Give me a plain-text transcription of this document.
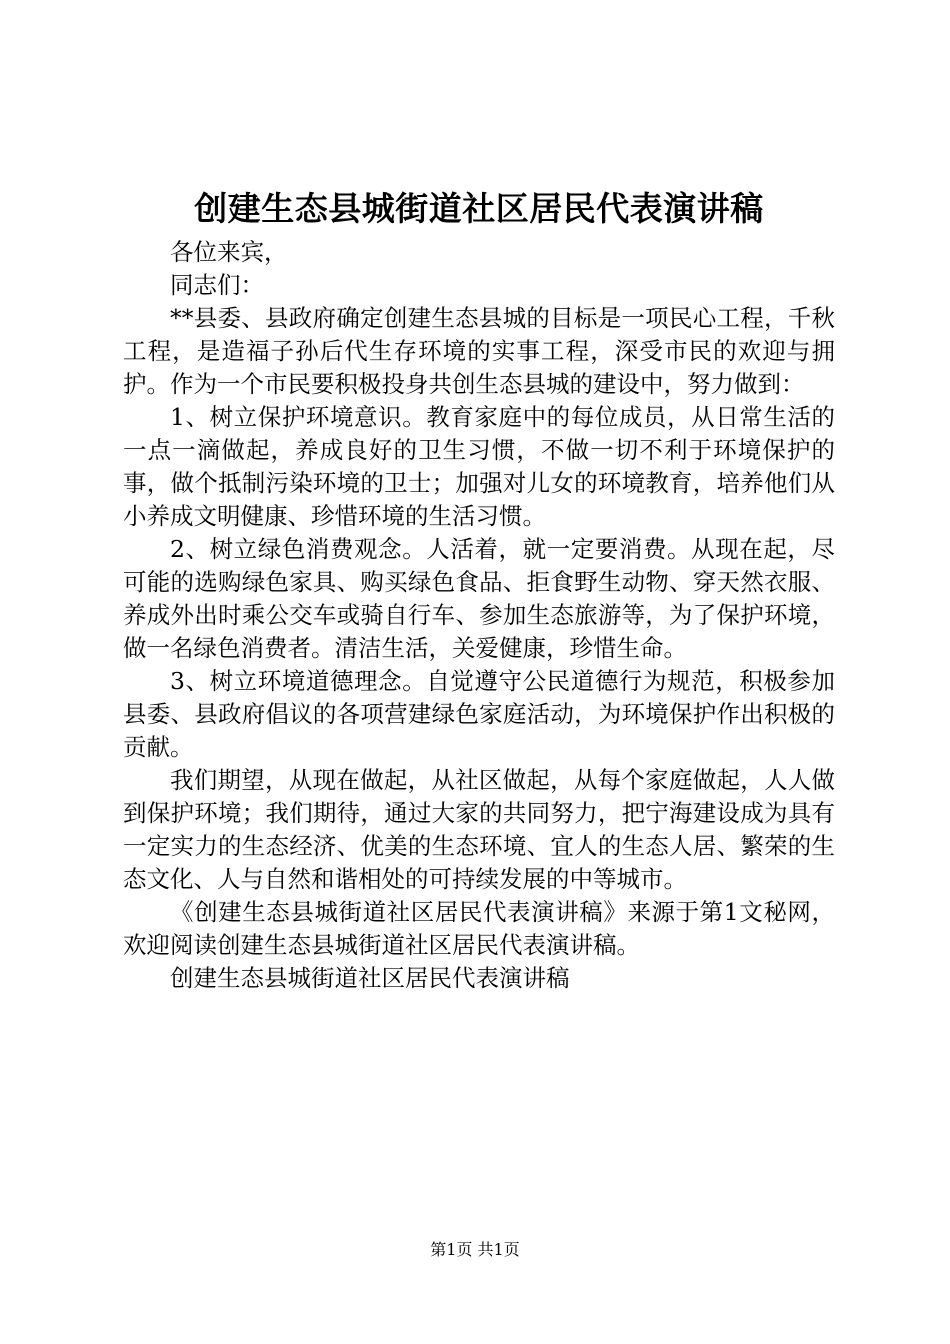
创建生态县城街道社区居民代表演讲稿

各位来宾，

同志们：

**县委、县政府确定创建生态县城的目标是一项民心工程，千秋工程，是造福子孙后代生存环境的实事工程，深受市民的欢迎与拥护。作为一个市民要积极投身共创生态县城的建设中，努力做到：

1、树立保护环境意识。教育家庭中的每位成员，从日常生活的一点一滴做起，养成良好的卫生习惯，不做一切不利于环境保护的事，做个抵制污染环境的卫士；加强对儿女的环境教育，培养他们从小养成文明健康、珍惜环境的生活习惯。

2、树立绿色消费观念。人活着，就一定要消费。从现在起，尽可能的选购绿色家具、购买绿色食品、拒食野生动物、穿天然衣服、养成外出时乘公交车或骑自行车、参加生态旅游等，为了保护环境，做一名绿色消费者。清洁生活，关爱健康，珍惜生命。

3、树立环境道德理念。自觉遵守公民道德行为规范，积极参加县委、县政府倡议的各项营建绿色家庭活动，为环境保护作出积极的贡献。

我们期望，从现在做起，从社区做起，从每个家庭做起，人人做到保护环境；我们期待，通过大家的共同努力，把宁海建设成为具有一定实力的生态经济、优美的生态环境、宜人的生态人居、繁荣的生态文化、人与自然和谐相处的可持续发展的中等城市。

《创建生态县城街道社区居民代表演讲稿》来源于第1文秘网，欢迎阅读创建生态县城街道社区居民代表演讲稿。

创建生态县城街道社区居民代表演讲稿

第1页 共1页
